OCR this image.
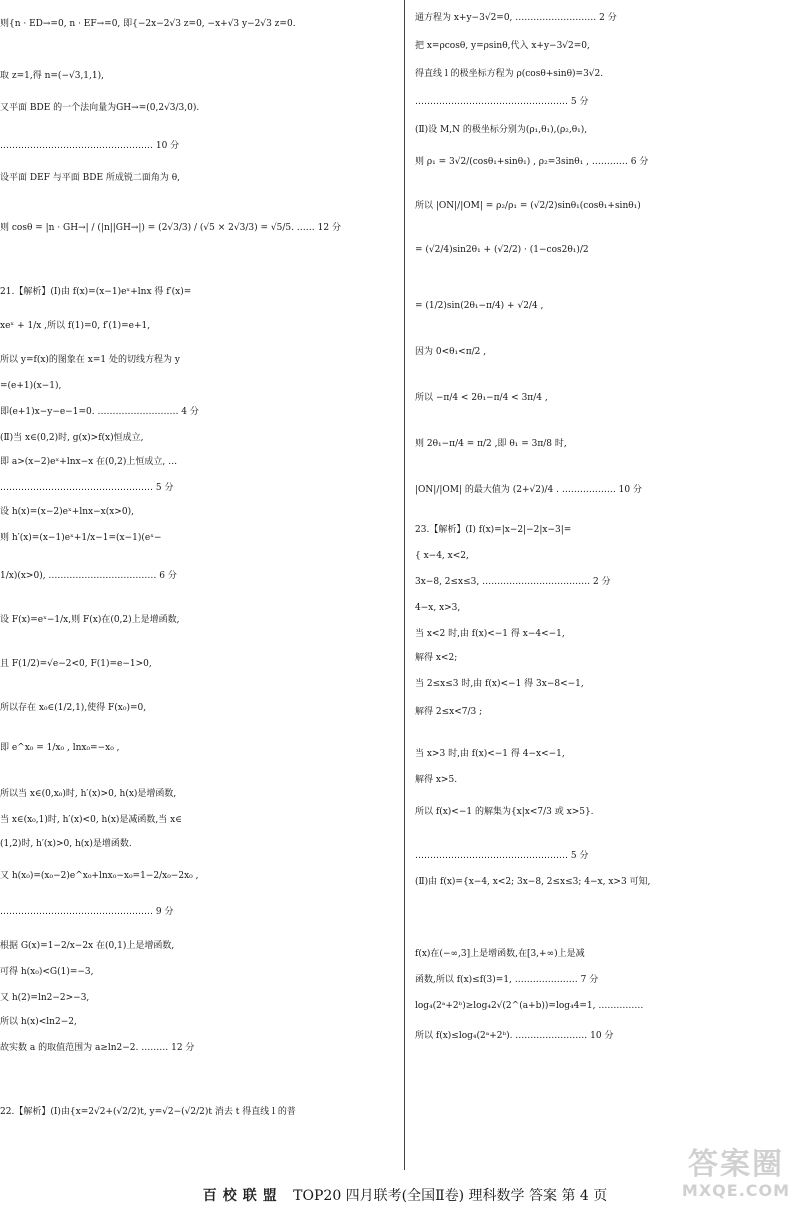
则{n · ED→=0, n · EF→=0, 即{−2x−2√3 z=0, −x+√3 y−2√3 z=0.
取 z=1,得 n=(−√3,1,1),
又平面 BDE 的一个法向量为GH→=(0,2√3/3,0).
…………………………………………… 10 分
设平面 DEF 与平面 BDE 所成锐二面角为 θ,
则 cosθ = |n · GH→| / (|n||GH→|) = (2√3/3) / (√5 × 2√3/3) = √5/5. …… 12 分
21.【解析】(Ⅰ)由 f(x)=(x−1)eˣ+lnx 得 f′(x)=
xeˣ + 1/x ,所以 f(1)=0, f′(1)=e+1,
所以 y=f(x)的图象在 x=1 处的切线方程为 y
=(e+1)(x−1),
即(e+1)x−y−e−1=0. ……………………… 4 分
(Ⅱ)当 x∈(0,2)时, g(x)>f(x)恒成立,
即 a>(x−2)eˣ+lnx−x 在(0,2)上恒成立, …
…………………………………………… 5 分
设 h(x)=(x−2)eˣ+lnx−x(x>0),
则 h′(x)=(x−1)eˣ+1/x−1=(x−1)(eˣ−
1/x)(x>0), ……………………………… 6 分
设 F(x)=eˣ−1/x,则 F(x)在(0,2)上是增函数,
且 F(1/2)=√e−2<0, F(1)=e−1>0,
所以存在 x₀∈(1/2,1),使得 F(x₀)=0,
即 e^x₀ = 1/x₀ , lnx₀=−x₀ ,
所以当 x∈(0,x₀)时, h′(x)>0, h(x)是增函数,
当 x∈(x₀,1)时, h′(x)<0, h(x)是减函数,当 x∈
(1,2)时, h′(x)>0, h(x)是增函数.
又 h(x₀)=(x₀−2)e^x₀+lnx₀−x₀=1−2/x₀−2x₀ ,
…………………………………………… 9 分
根据 G(x)=1−2/x−2x 在(0,1)上是增函数,
可得 h(x₀)<G(1)=−3,
又 h(2)=ln2−2>−3,
所以 h(x)<ln2−2,
故实数 a 的取值范围为 a≥ln2−2. ……… 12 分
22.【解析】(Ⅰ)由{x=2√2+(√2/2)t, y=√2−(√2/2)t 消去 t 得直线 l 的普
通方程为 x+y−3√2=0, ……………………… 2 分
把 x=ρcosθ, y=ρsinθ,代入 x+y−3√2=0,
得直线 l 的极坐标方程为 ρ(cosθ+sinθ)=3√2.
…………………………………………… 5 分
(Ⅱ)设 M,N 的极坐标分别为(ρ₁,θ₁),(ρ₂,θ₁),
则 ρ₁ = 3√2/(cosθ₁+sinθ₁) , ρ₂=3sinθ₁ , ………… 6 分
所以 |ON|/|OM| = ρ₂/ρ₁ = (√2/2)sinθ₁(cosθ₁+sinθ₁)
= (√2/4)sin2θ₁ + (√2/2) · (1−cos2θ₁)/2
= (1/2)sin(2θ₁−π/4) + √2/4 ,
因为 0<θ₁<π/2 ,
所以 −π/4 < 2θ₁−π/4 < 3π/4 ,
则 2θ₁−π/4 = π/2 ,即 θ₁ = 3π/8 时,
|ON|/|OM| 的最大值为 (2+√2)/4 . ……………… 10 分
23.【解析】(Ⅰ) f(x)=|x−2|−2|x−3|=
{ x−4, x<2,
3x−8, 2≤x≤3, ……………………………… 2 分
4−x, x>3,
当 x<2 时,由 f(x)<−1 得 x−4<−1,
解得 x<2;
当 2≤x≤3 时,由 f(x)<−1 得 3x−8<−1,
解得 2≤x<7/3 ;
当 x>3 时,由 f(x)<−1 得 4−x<−1,
解得 x>5.
所以 f(x)<−1 的解集为{x|x<7/3 或 x>5}.
…………………………………………… 5 分
(Ⅱ)由 f(x)={x−4, x<2; 3x−8, 2≤x≤3; 4−x, x>3 可知,
f(x)在(−∞,3]上是增函数,在[3,+∞)上是减
函数,所以 f(x)≤f(3)=1, ………………… 7 分
log₄(2ᵃ+2ᵇ)≥log₄2√(2^(a+b))=log₄4=1, ……………
所以 f(x)≤log₄(2ᵃ+2ᵇ). …………………… 10 分
百校联盟 TOP20 四月联考(全国Ⅱ卷) 理科数学 答案 第 4 页
答案圈
MXQE.COM
